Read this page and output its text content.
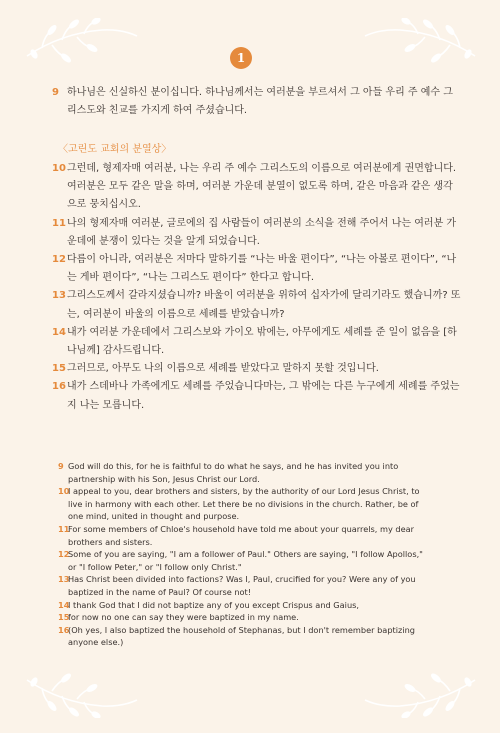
1
9 하나님은 신실하신 분이십니다. 하나님께서는 여러분을 부르셔서 그 아들 우리 주 예수 그리스도와 친교를 가지게 하여 주셨습니다.
〈고린도 교회의 분열상〉
10 그런데, 형제자매 여러분, 나는 우리 주 예수 그리스도의 이름으로 여러분에게 권면합니다. 여러분은 모두 같은 말을 하며, 여러분 가운데 분열이 없도록 하며, 같은 마음과 같은 생각으로 뭉치십시오.
11 나의 형제자매 여러분, 글로에의 집 사람들이 여러분의 소식을 전해 주어서 나는 여러분 가운데에 분쟁이 있다는 것을 알게 되었습니다.
12 다름이 아니라, 여러분은 저마다 말하기를 “나는 바울 편이다”, “나는 아볼로 편이다”, “나는 게바 편이다”, “나는 그리스도 편이다” 한다고 합니다.
13 그리스도께서 갈라지셨습니까? 바울이 여러분을 위하여 십자가에 달리기라도 했습니까? 또는, 여러분이 바울의 이름으로 세례를 받았습니까?
14 내가 여러분 가운데에서 그리스보와 가이오 밖에는, 아무에게도 세례를 준 일이 없음을 [하나님께] 감사드립니다.
15 그러므로, 아무도 나의 이름으로 세례를 받았다고 말하지 못할 것입니다.
16 내가 스데바나 가족에게도 세례를 주었습니다마는, 그 밖에는 다른 누구에게 세례를 주었는지 나는 모릅니다.
9 God will do this, for he is faithful to do what he says, and he has invited you into partnership with his Son, Jesus Christ our Lord.
10
I appeal to you, dear brothers and sisters, by the authority of our Lord Jesus Christ, to live in harmony with each other. Let there be no divisions in the church. Rather, be of one mind, united in thought and purpose.
11
For some members of Chloe's household have told me about your quarrels, my dear brothers and sisters.
12
Some of you are saying, "I am a follower of Paul." Others are saying, "I follow Apollos," or "I follow Peter," or "I follow only Christ."
13
Has Christ been divided into factions? Was I, Paul, crucified for you? Were any of you baptized in the name of Paul? Of course not!
14
I thank God that I did not baptize any of you except Crispus and Gaius,
15
for now no one can say they were baptized in my name.
16
(Oh yes, I also baptized the household of Stephanas, but I don't remember baptizing anyone else.)
